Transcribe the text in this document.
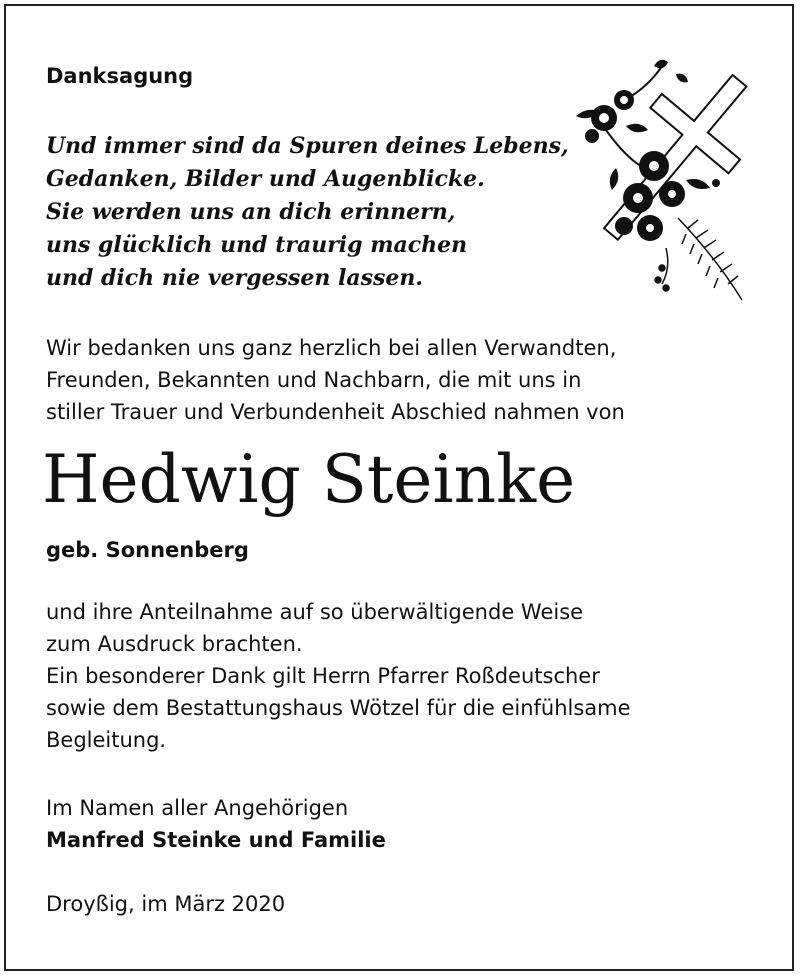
Danksagung
Und immer sind da Spuren deines Lebens,
Gedanken, Bilder und Augenblicke.
Sie werden uns an dich erinnern,
uns glücklich und traurig machen
und dich nie vergessen lassen.
Wir bedanken uns ganz herzlich bei allen Verwandten,
Freunden, Bekannten und Nachbarn, die mit uns in
stiller Trauer und Verbundenheit Abschied nahmen von
Hedwig Steinke
geb. Sonnenberg
und ihre Anteilnahme auf so überwältigende Weise
zum Ausdruck brachten.
Ein besonderer Dank gilt Herrn Pfarrer Roßdeutscher
sowie dem Bestattungshaus Wötzel für die einfühlsame
Begleitung.
Im Namen aller Angehörigen
Manfred Steinke und Familie
Droyßig, im März 2020
